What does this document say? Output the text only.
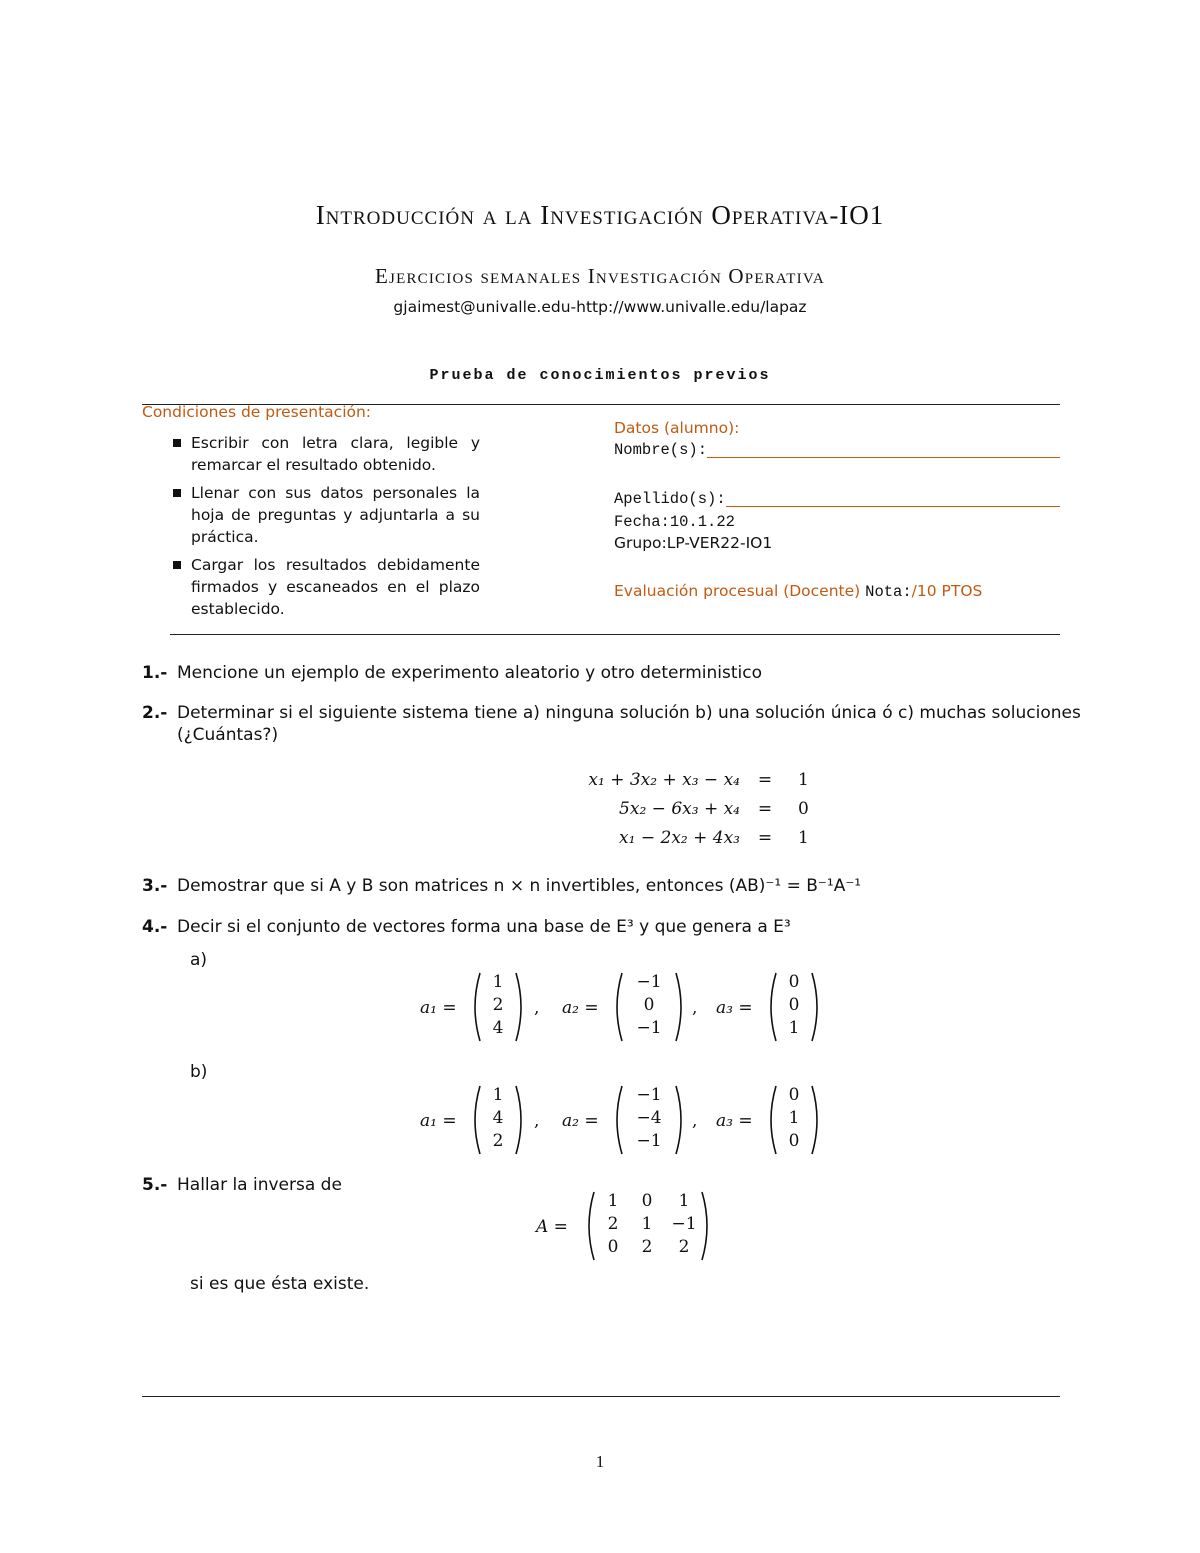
Introducción a la Investigación Operativa-IO1
Ejercicios semanales Investigación Operativa
gjaimest@univalle.edu-http://www.univalle.edu/lapaz
Prueba de conocimientos previos
Condiciones de presentación:
Escribir con letra clara, legible y remarcar el resultado obtenido.
Llenar con sus datos personales la hoja de preguntas y adjuntarla a su práctica.
Cargar los resultados debidamente firmados y escaneados en el plazo establecido.
Datos (alumno):
Nombre(s):
Apellido(s):
Fecha:10.1.22
Grupo:LP-VER22-IO1
Evaluación procesual (Docente) Nota:/10 PTOS
1.- Mencione un ejemplo de experimento aleatorio y otro deterministico
2.- Determinar si el siguiente sistema tiene a) ninguna solución b) una solución única ó c) muchas soluciones
(¿Cuántas?)
x₁ + 3x₂ + x₃ − x₄	=	1
5x₂ − 6x₃ + x₄	=	0
x₁ − 2x₂ + 4x₃	=	1
3.- Demostrar que si A y B son matrices n × n invertibles, entonces (AB)⁻¹ = B⁻¹A⁻¹
4.- Decir si el conjunto de vectores forma una base de E³ y que genera a E³
a)
a₁ =
1
2
4
, a₂ =
−1
0
−1
, a₃ =
0
0
1
b)
a₁ =
1
4
2
, a₂ =
−1
−4
−1
, a₃ =
0
1
0
5.- Hallar la inversa de
A =
1	0	1
2	1	−1
0	2	2
si es que ésta existe.
1
